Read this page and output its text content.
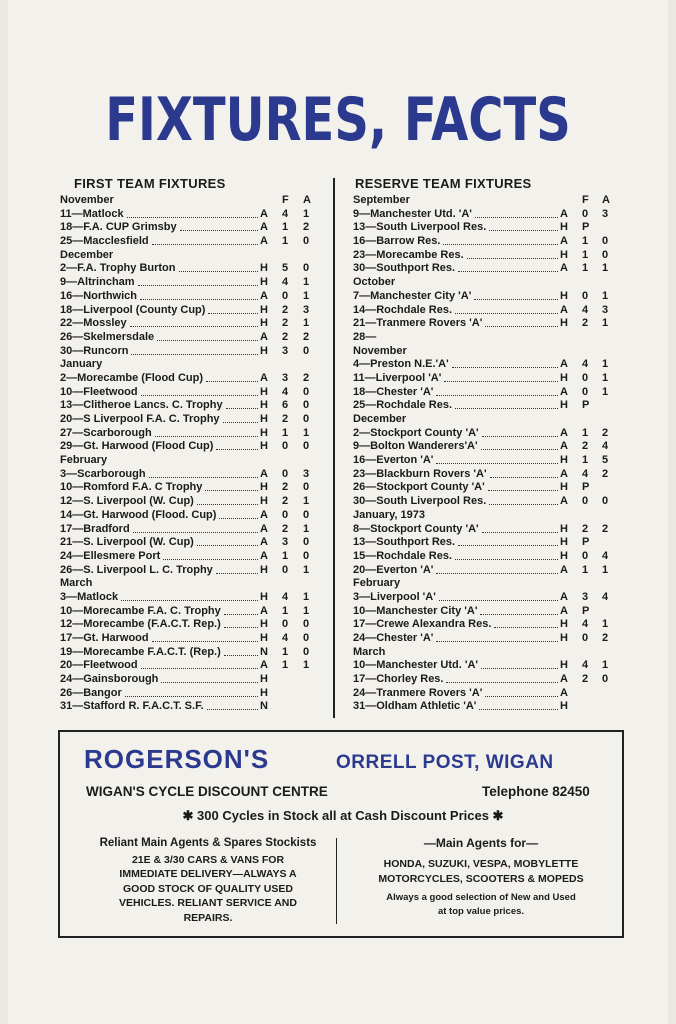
FIXTURES, FACTS
FIRST TEAM FIXTURES
F A
November
11—Matlock	A 4 1
18—F.A. CUP Grimsby	A 1 2
25—Macclesfield	A 1 0
December
2—F.A. Trophy Burton	H 5 0
9—Altrincham	H 4 1
16—Northwich	A 0 1
18—Liverpool (County Cup)	H 2 3
22—Mossley	H 2 1
26—Skelmersdale	A 2 2
30—Runcorn	H 3 0
January
2—Morecambe (Flood Cup)	A 3 2
10—Fleetwood	H 4 0
13—Clitheroe Lancs. C. Trophy	H 6 0
20—S Liverpool F.A. C. Trophy	H 2 0
27—Scarborough	H 1 1
29—Gt. Harwood (Flood Cup)	H 0 0
February
3—Scarborough	A 0 3
10—Romford F.A. C Trophy	H 2 0
12—S. Liverpool (W. Cup)	H 2 1
14—Gt. Harwood (Flood. Cup)	A 0 0
17—Bradford	A 2 1
21—S. Liverpool (W. Cup)	A 3 0
24—Ellesmere Port	A 1 0
26—S. Liverpool L. C. Trophy	H 0 1
March
3—Matlock	H 4 1
10—Morecambe F.A. C. Trophy	A 1 1
12—Morecambe (F.A.C.T. Rep.)	H 0 0
17—Gt. Harwood	H 4 0
19—Morecambe F.A.C.T. (Rep.)	N 1 0
20—Fleetwood	A 1 1
24—Gainsborough	H
26—Bangor	H
31—Stafford R. F.A.C.T. S.F.	N
RESERVE TEAM FIXTURES
F A
September
9—Manchester Utd. 'A'	A 0 3
13—South Liverpool Res.	H P
16—Barrow Res.	A 1 0
23—Morecambe Res.	H 1 0
30—Southport Res.	A 1 1
October
7—Manchester City 'A'	H 0 1
14—Rochdale Res.	A 4 3
21—Tranmere Rovers 'A'	H 2 1
28—
November
4—Preston N.E.'A'	A 4 1
11—Liverpool 'A'	H 0 1
18—Chester 'A'	A 0 1
25—Rochdale Res.	H P
December
2—Stockport County 'A'	A 1 2
9—Bolton Wanderers'A'	A 2 4
16—Everton 'A'	H 1 5
23—Blackburn Rovers 'A'	A 4 2
26—Stockport County 'A'	H P
30—South Liverpool Res.	A 0 0
January, 1973
8—Stockport County 'A'	H 2 2
13—Southport Res.	H P
15—Rochdale Res.	H 0 4
20—Everton 'A'	A 1 1
February
3—Liverpool 'A'	A 3 4
10—Manchester City 'A'	A P
17—Crewe Alexandra Res.	H 4 1
24—Chester 'A'	H 0 2
March
10—Manchester Utd. 'A'	H 4 1
17—Chorley Res.	A 2 0
24—Tranmere Rovers 'A'	A
31—Oldham Athletic 'A'	H
ROGERSON'S	ORRELL POST, WIGAN
WIGAN'S CYCLE DISCOUNT CENTRE	Telephone 82450
✱ 300 Cycles in Stock all at Cash Discount Prices ✱
Reliant Main Agents & Spares Stockists
21E & 3/30 CARS & VANS FOR
IMMEDIATE DELIVERY—ALWAYS A
GOOD STOCK OF QUALITY USED
VEHICLES. RELIANT SERVICE AND
REPAIRS.
—Main Agents for—
HONDA, SUZUKI, VESPA, MOBYLETTE
MOTORCYCLES, SCOOTERS & MOPEDS
Always a good selection of New and Used
at top value prices.
